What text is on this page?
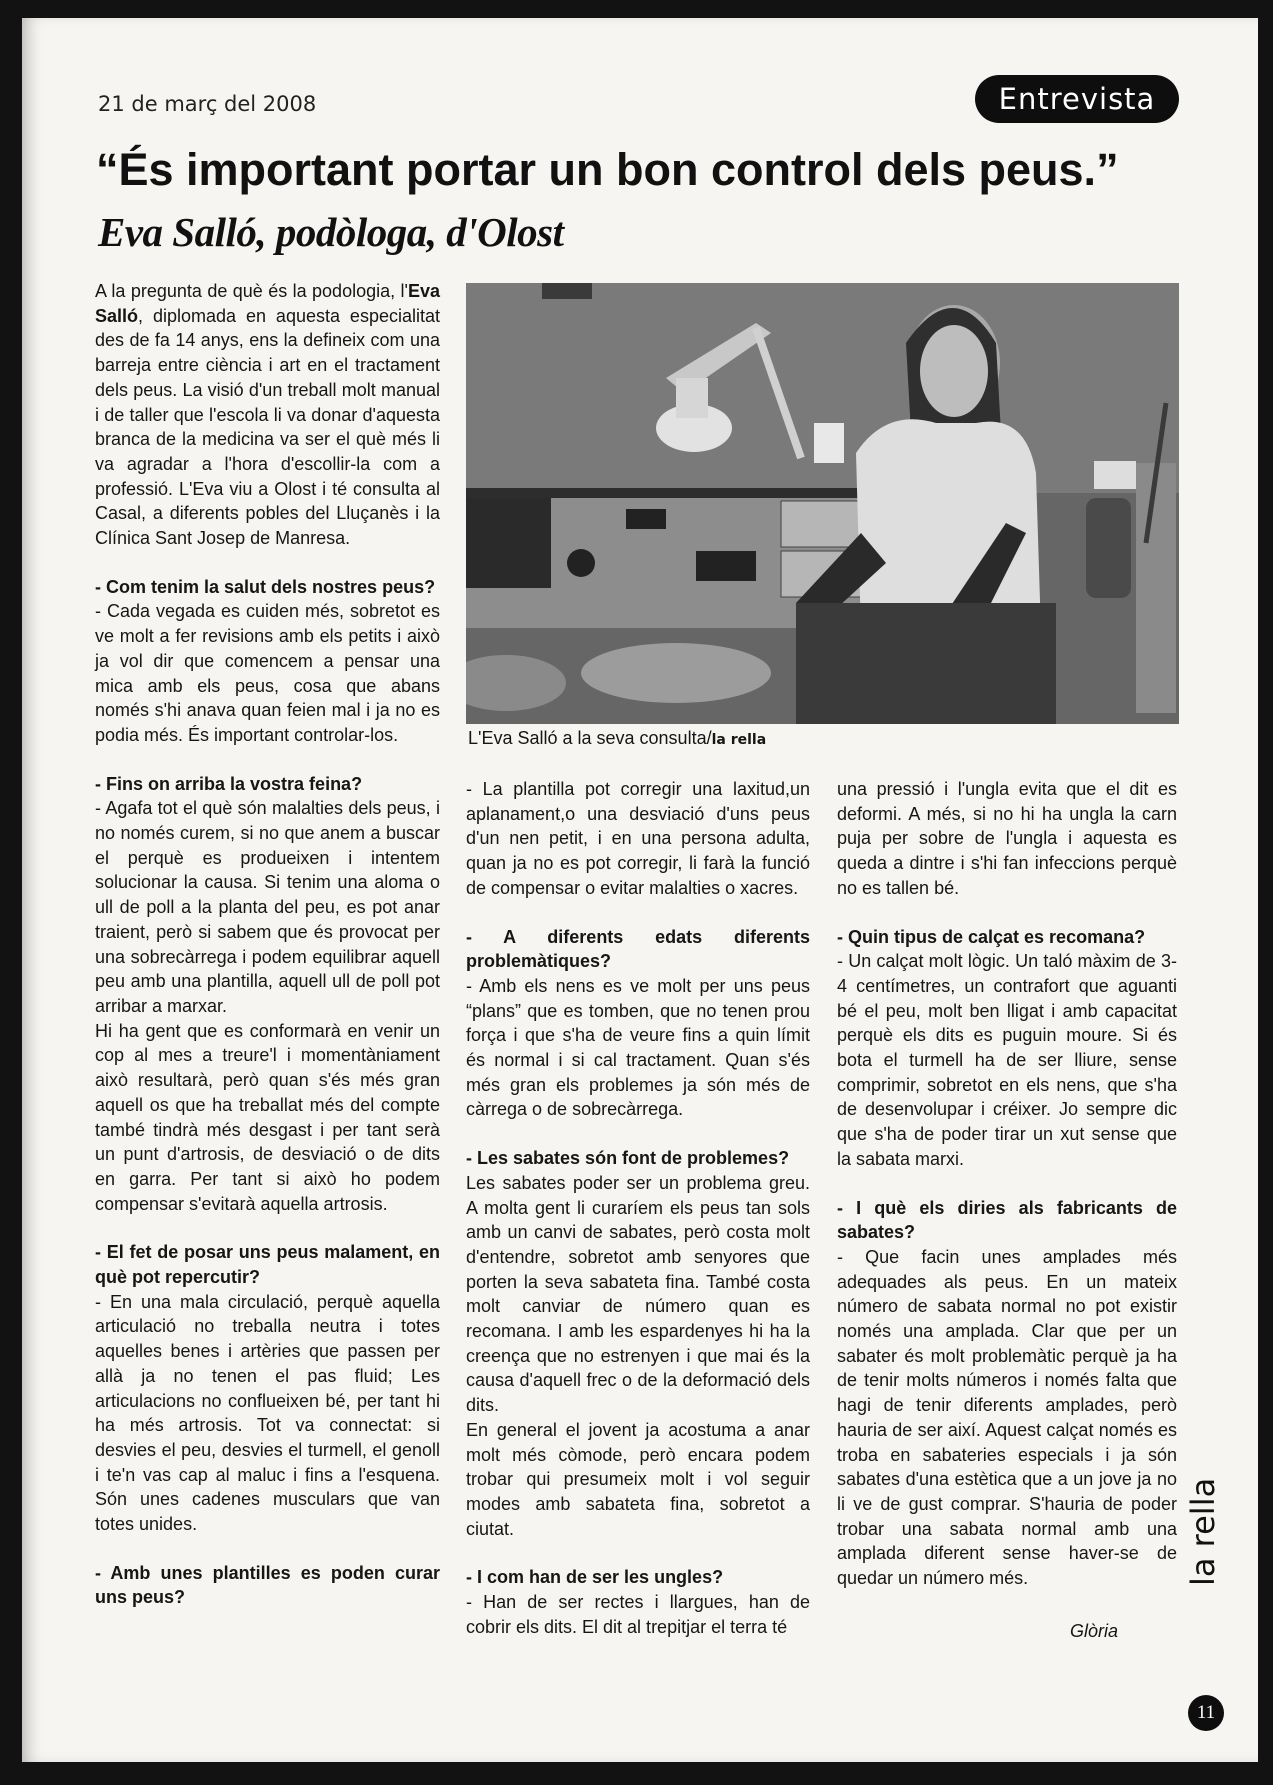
21 de març del 2008	Entrevista
“És important portar un bon control dels peus.”
Eva Salló, podòloga, d'Olost
L'Eva Salló a la seva consulta/la rella

A la pregunta de què és la podologia, l'Eva Salló, diplomada en aquesta especialitat des de fa 14 anys, ens la defineix com una barreja entre ciència i art en el tractament dels peus. La visió d'un treball molt manual i de taller que l'escola li va donar d'aquesta branca de la medicina va ser el què més li va agradar a l'hora d'escollir-la com a professió. L'Eva viu a Olost i té consulta al Casal, a diferents pobles del Lluçanès i la Clínica Sant Josep de Manresa.

- Com tenim la salut dels nostres peus?

- Cada vegada es cuiden més, sobretot es ve molt a fer revisions amb els petits i això ja vol dir que comencem a pensar una mica amb els peus, cosa que abans només s'hi anava quan feien mal i ja no es podia més. És important controlar-los.

- Fins on arriba la vostra feina?

- Agafa tot el què són malalties dels peus, i no només curem, si no que anem a buscar el perquè es produeixen i intentem solucionar la causa. Si tenim una aloma o ull de poll a la planta del peu, es pot anar traient, però si sabem que és provocat per una sobrecàrrega i podem equilibrar aquell peu amb una plantilla, aquell ull de poll pot arribar a marxar.

Hi ha gent que es conformarà en venir un cop al mes a treure'l i momentàniament això resultarà, però quan s'és més gran aquell os que ha treballat més del compte també tindrà més desgast i per tant serà un punt d'artrosis, de desviació o de dits en garra. Per tant si això ho podem compensar s'evitarà aquella artrosis.

- El fet de posar uns peus malament, en què pot repercutir?

- En una mala circulació, perquè aquella articulació no treballa neutra i totes aquelles benes i artèries que passen per allà ja no tenen el pas fluid; Les articulacions no conflueixen bé, per tant hi ha més artrosis. Tot va connectat: si desvies el peu, desvies el turmell, el genoll i te'n vas cap al maluc i fins a l'esquena. Són unes cadenes musculars que van totes unides.

- Amb unes plantilles es poden curar uns peus?

- La plantilla pot corregir una laxitud,un aplanament,o una desviació d'uns peus d'un nen petit, i en una persona adulta, quan ja no es pot corregir, li farà la funció de compensar o evitar malalties o xacres.

- A diferents edats diferents problemàtiques?

- Amb els nens es ve molt per uns peus “plans” que es tomben, que no tenen prou força i que s'ha de veure fins a quin límit és normal i si cal tractament. Quan s'és més gran els problemes ja són més de càrrega o de sobrecàrrega.

- Les sabates són font de problemes?

Les sabates poder ser un problema greu. A molta gent li curaríem els peus tan sols amb un canvi de sabates, però costa molt d'entendre, sobretot amb senyores que porten la seva sabateta fina. També costa molt canviar de número quan es recomana. I amb les espardenyes hi ha la creença que no estrenyen i que mai és la causa d'aquell frec o de la deformació dels dits.

En general el jovent ja acostuma a anar molt més còmode, però encara podem trobar qui presumeix molt i vol seguir modes amb sabateta fina, sobretot a ciutat.

- I com han de ser les ungles?

- Han de ser rectes i llargues, han de cobrir els dits. El dit al trepitjar el terra té

una pressió i l'ungla evita que el dit es deformi. A més, si no hi ha ungla la carn puja per sobre de l'ungla i aquesta es queda a dintre i s'hi fan infeccions perquè no es tallen bé.

- Quin tipus de calçat es recomana?

- Un calçat molt lògic. Un taló màxim de 3-4 centímetres, un contrafort que aguanti bé el peu, molt ben lligat i amb capacitat perquè els dits es puguin moure. Si és bota el turmell ha de ser lliure, sense comprimir, sobretot en els nens, que s'ha de desenvolupar i créixer. Jo sempre dic que s'ha de poder tirar un xut sense que la sabata marxi.

- I què els diries als fabricants de sabates?

- Que facin unes amplades més adequades als peus. En un mateix número de sabata normal no pot existir només una amplada. Clar que per un sabater és molt problemàtic perquè ja ha de tenir molts números i només falta que hagi de tenir diferents amplades, però hauria de ser així. Aquest calçat només es troba en sabateries especials i ja són sabates d'una estètica que a un jove ja no li ve de gust comprar. S'hauria de poder trobar una sabata normal amb una amplada diferent sense haver-se de quedar un número més.

Glòria
la rella
11
